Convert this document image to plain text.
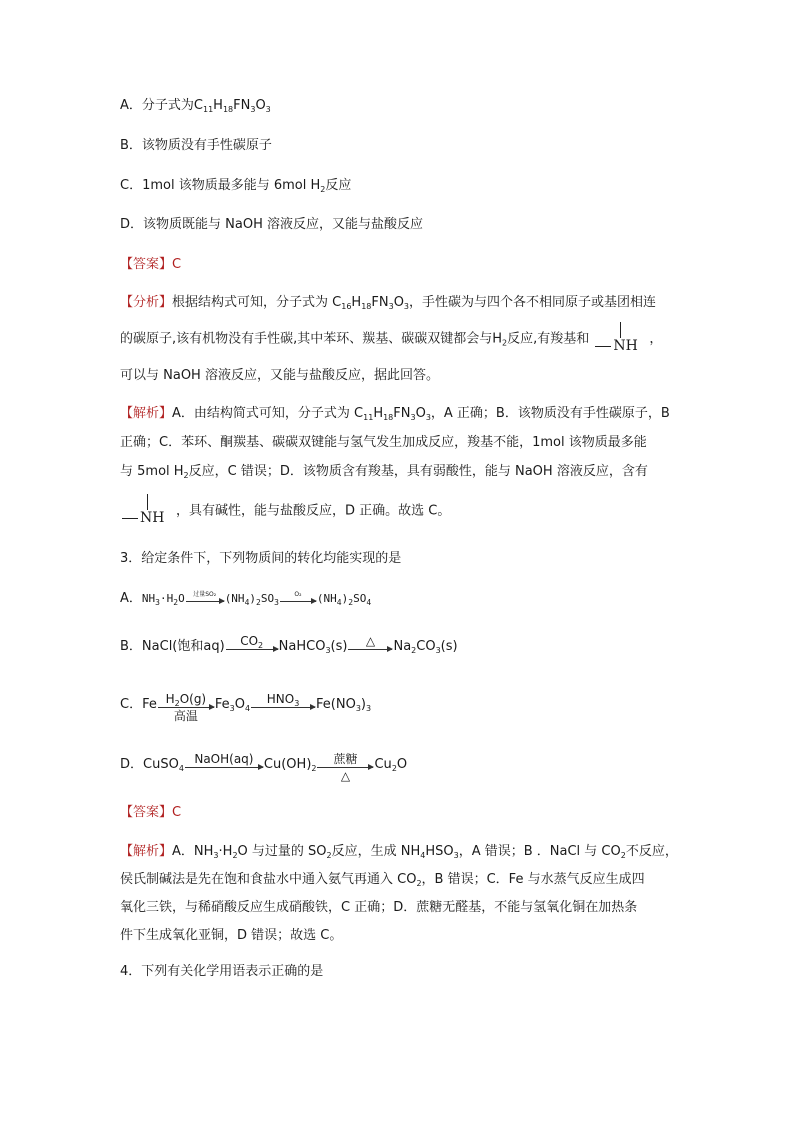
A．分子式为$C_{11}H_{18}FN_3O_3$
B．该物质没有手性碳原子
C．1mol 该物质最多能与 6mol $H_2$反应
D．该物质既能与 NaOH 溶液反应，又能与盐酸反应
【答案】C
【分析】根据结构式可知，分子式为 $C_{16}H_{18}FN_3O_3$，手性碳为与四个各不相同原子或基团相连
的碳原子,该有机物没有手性碳,其中苯环、羰基、碳碳双键都会与$H_2$反应,有羧基和 NH ，
可以与 NaOH 溶液反应，又能与盐酸反应，据此回答。
【解析】A．由结构简式可知，分子式为 $C_{11}H_{18}FN_3O_3$，A 正确；B．该物质没有手性碳原子，B
正确；C．苯环、酮羰基、碳碳双键能与氢气发生加成反应，羧基不能，1mol 该物质最多能
与 5mol $H_2$反应，C 错误；D．该物质含有羧基，具有弱酸性，能与 NaOH 溶液反应，含有
NH ，具有碱性，能与盐酸反应，D 正确。故选 C。
3．给定条件下，下列物质间的转化均能实现的是
A．$NH_3\cdot H_2O$	过量SO₂ $(NH_4)_2SO_3$
O₂	$(NH_4)_2SO_4$
B．NaCl(饱和aq)	$CO_2$	NaHCO$_3$(s)	△	$Na_2CO_3(s)$
C．Fe $H_2O(g)$
高温
$Fe_3O_4$
$HNO_3$	$Fe(NO_3)_3$
D．CuSO$_4$
NaOH(aq) $Cu(OH)_2$
蔗糖
△
$Cu_2O$
【答案】C
【解析】A．$NH_3\cdot H_2O$ 与过量的 $SO_2$反应，生成 $NH_4HSO_3$，A 错误；B ．NaCl 与 $CO_2$不反应，
侯氏制碱法是先在饱和食盐水中通入氨气再通入 $CO_2$，B 错误；C．Fe 与水蒸气反应生成四
氧化三铁，与稀硝酸反应生成硝酸铁，C 正确；D．蔗糖无醛基，不能与氢氧化铜在加热条
件下生成氧化亚铜，D 错误；故选 C。
4．下列有关化学用语表示正确的是
